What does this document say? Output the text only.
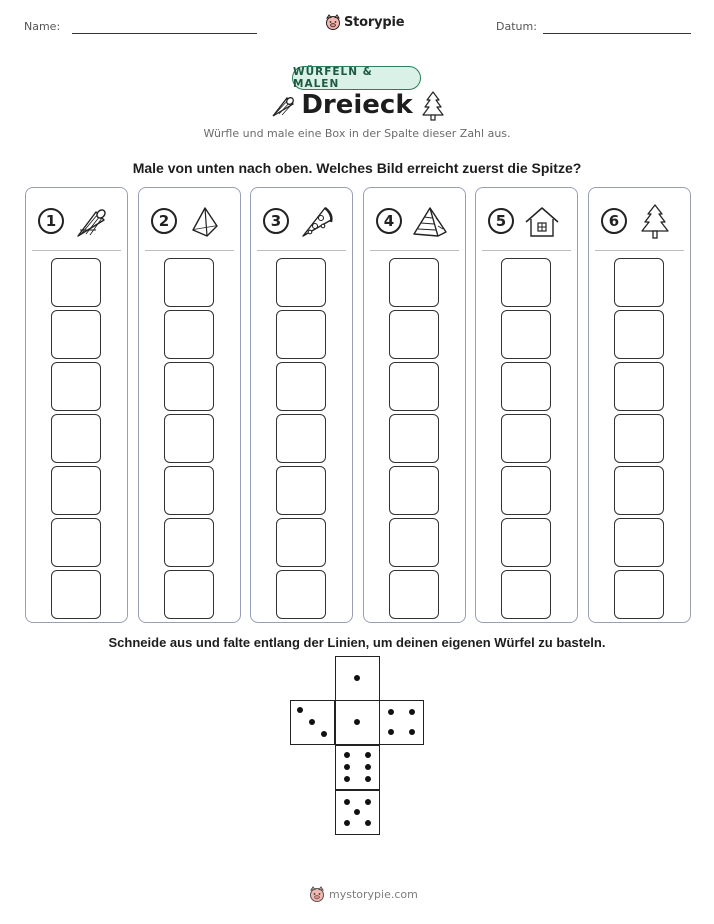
Name:	Storypie	Datum:
WÜRFELN & MALEN
Dreieck
Würfle und male eine Box in der Spalte dieser Zahl aus.
Male von unten nach oben. Welches Bild erreicht zuerst die Spitze?
1	2	3	4	5	6
Schneide aus und falte entlang der Linien, um deinen eigenen Würfel zu basteln.
mystorypie.com
